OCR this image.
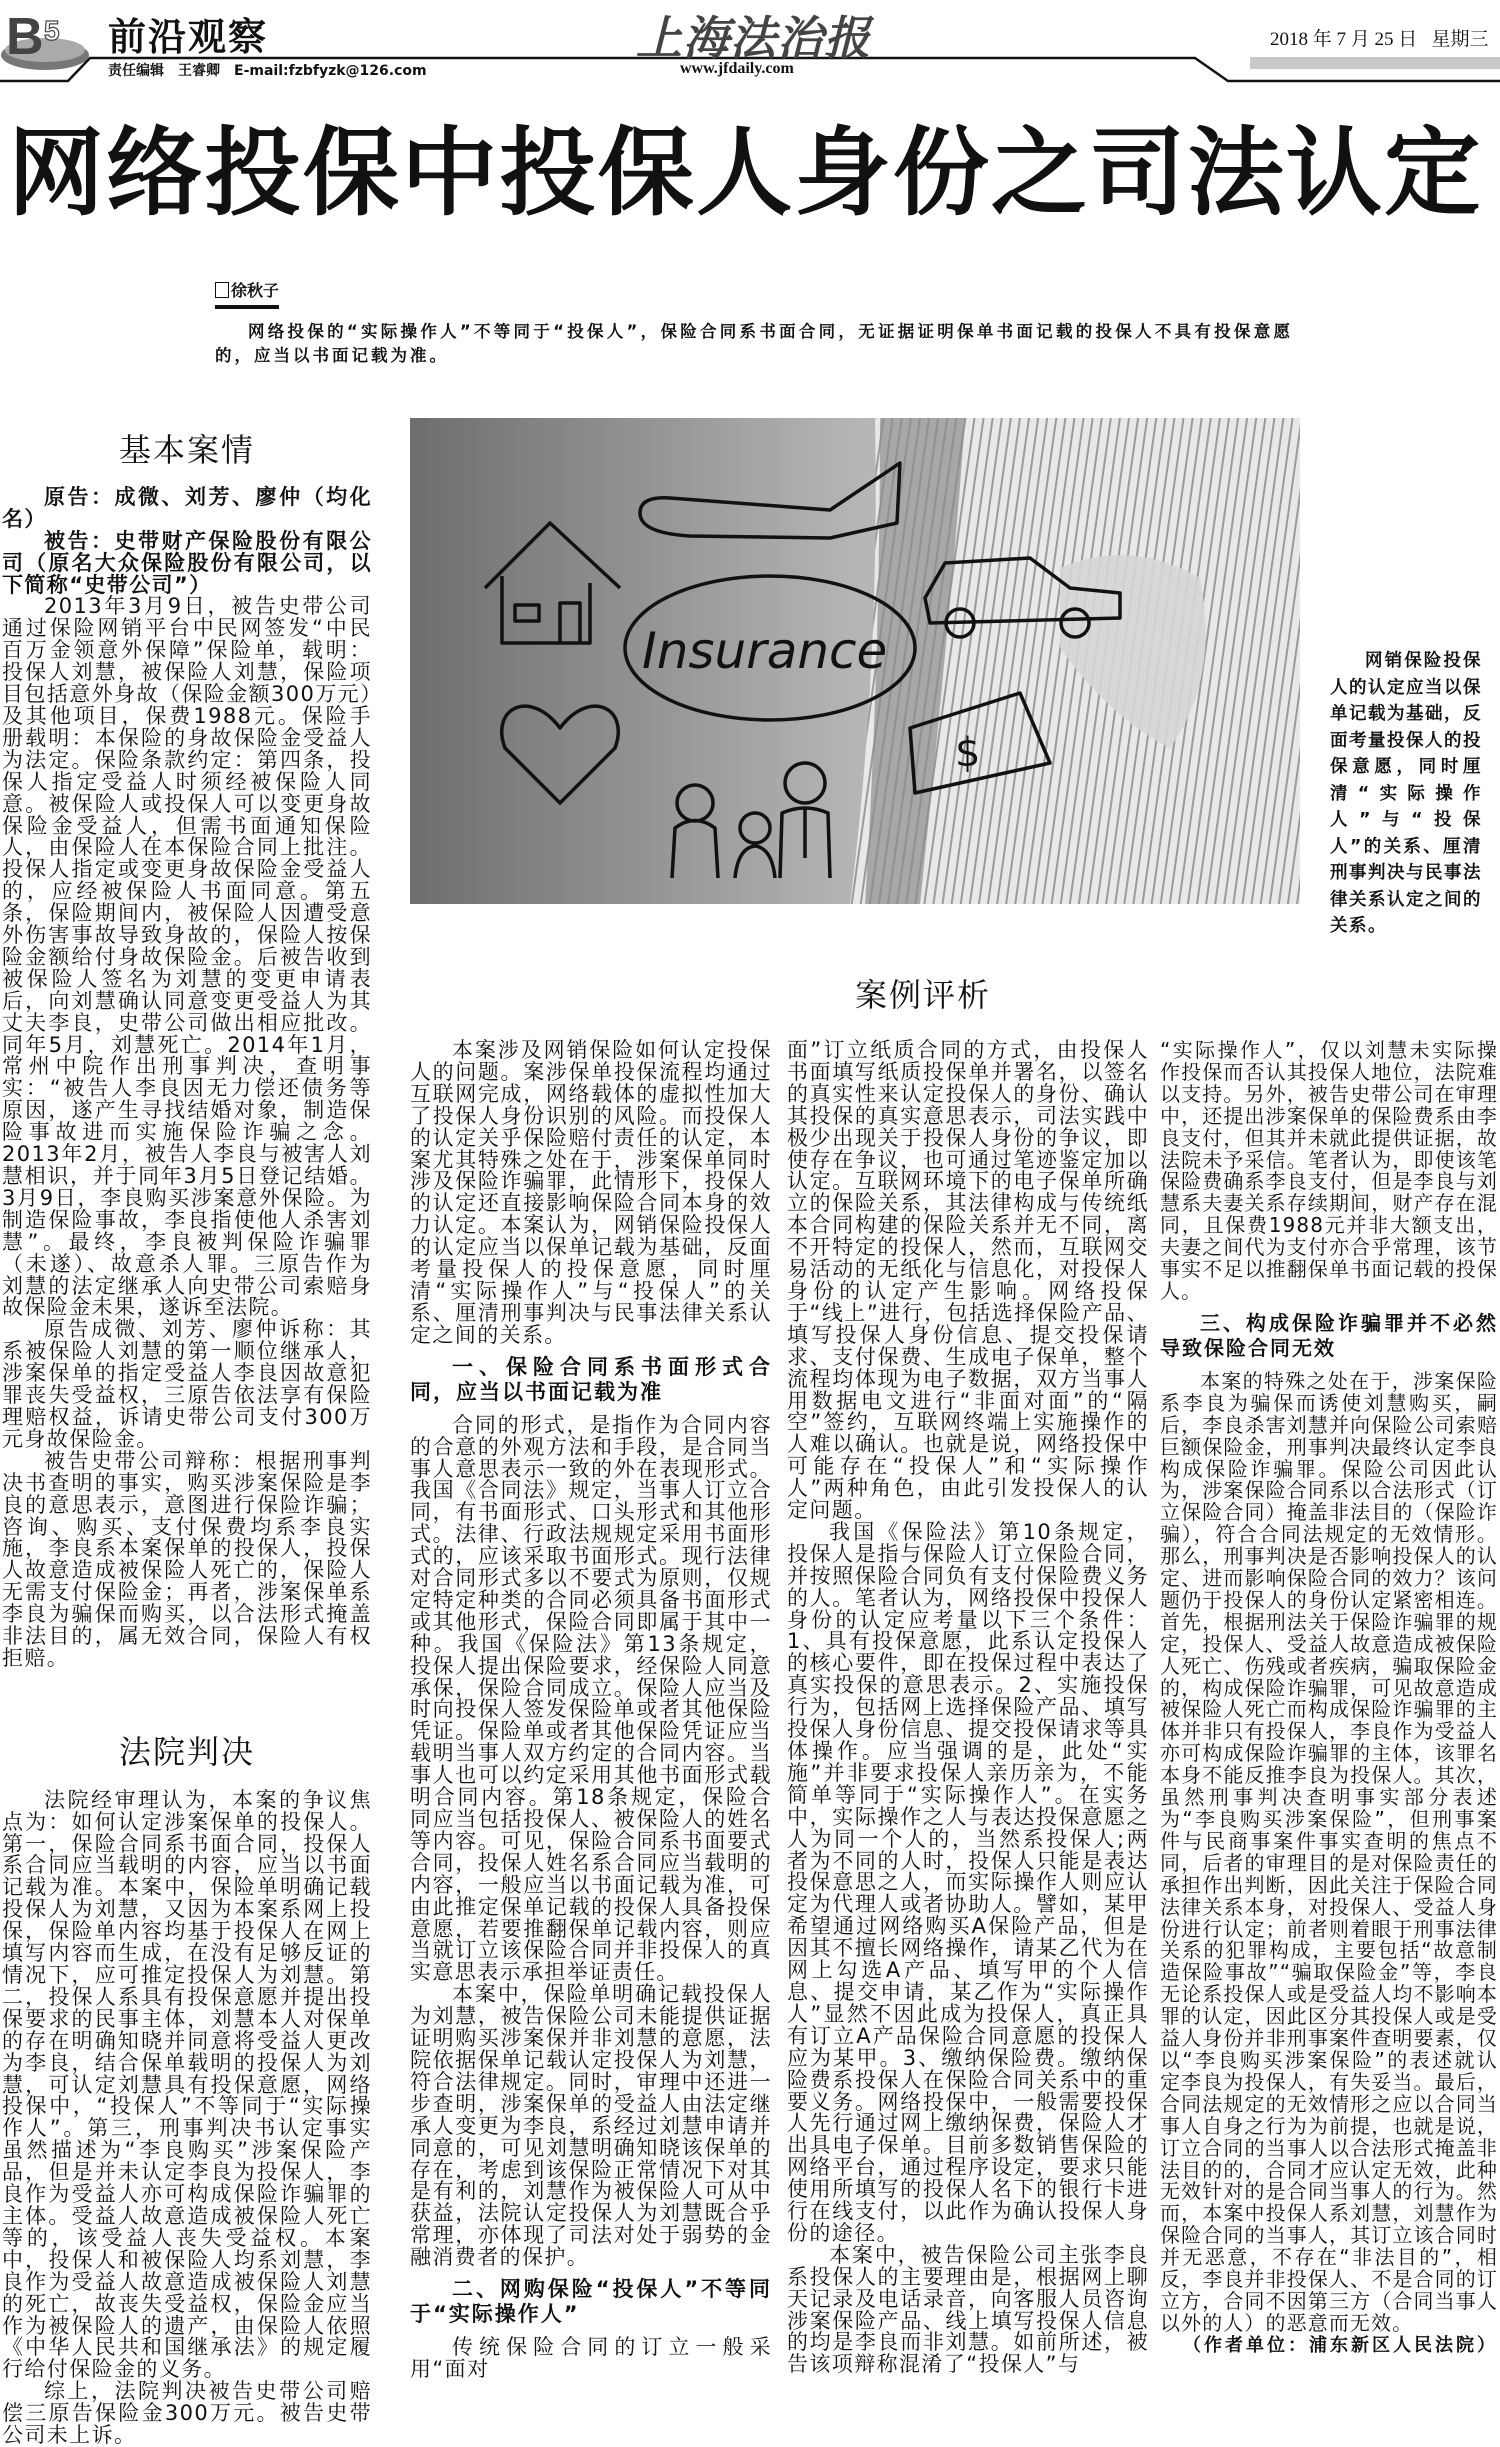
B 5 前沿观察
责任编辑 王睿卿 E-mail:fzbfyzk@126.com
上海法治报
www.jfdaily.com
2018 年 7 月 25 日   星期三
网络投保中投保人身份之司法认定
徐秋子
网络投保的“实际操作人”不等同于“投保人”，保险合同系书面合同，无证据证明保单书面记载的投保人不具有投保意愿的，应当以书面记载为准。
$
Insurance	网销保险投保人的认定应当以保单记载为基础，反面考量投保人的投保意愿，同时厘清“实际操作人”与“投保人”的关系、厘清刑事判决与民事法律关系认定之间的关系。
基本案情

原告：成微、刘芳、廖仲（均化名）

被告：史带财产保险股份有限公司（原名大众保险股份有限公司，以下简称“史带公司”）

2013年3月9日，被告史带公司通过保险网销平台中民网签发“中民百万金领意外保障”保险单，载明：投保人刘慧，被保险人刘慧，保险项目包括意外身故（保险金额300万元）及其他项目，保费1988元。保险手册载明：本保险的身故保险金受益人为法定。保险条款约定：第四条，投保人指定受益人时须经被保险人同意。被保险人或投保人可以变更身故保险金受益人，但需书面通知保险人，由保险人在本保险合同上批注。投保人指定或变更身故保险金受益人的，应经被保险人书面同意。第五条，保险期间内，被保险人因遭受意外伤害事故导致身故的，保险人按保险金额给付身故保险金。后被告收到被保险人签名为刘慧的变更申请表后，向刘慧确认同意变更受益人为其丈夫李良，史带公司做出相应批改。同年5月，刘慧死亡。2014年1月，常州中院作出刑事判决，查明事实：“被告人李良因无力偿还债务等原因，遂产生寻找结婚对象，制造保险事故进而实施保险诈骗之念。2013年2月，被告人李良与被害人刘慧相识，并于同年3月5日登记结婚。3月9日，李良购买涉案意外保险。为制造保险事故，李良指使他人杀害刘慧”。最终，李良被判保险诈骗罪（未遂）、故意杀人罪。三原告作为刘慧的法定继承人向史带公司索赔身故保险金未果，遂诉至法院。

原告成微、刘芳、廖仲诉称：其系被保险人刘慧的第一顺位继承人，涉案保单的指定受益人李良因故意犯罪丧失受益权，三原告依法享有保险理赔权益，诉请史带公司支付300万元身故保险金。

被告史带公司辩称：根据刑事判决书查明的事实，购买涉案保险是李良的意思表示，意图进行保险诈骗；咨询、购买、支付保费均系李良实施，李良系本案保单的投保人，投保人故意造成被保险人死亡的，保险人无需支付保险金；再者，涉案保单系李良为骗保而购买，以合法形式掩盖非法目的，属无效合同，保险人有权拒赔。

法院判决

法院经审理认为，本案的争议焦点为：如何认定涉案保单的投保人。第一，保险合同系书面合同，投保人系合同应当载明的内容，应当以书面记载为准。本案中，保险单明确记载投保人为刘慧，又因为本案系网上投保，保险单内容均基于投保人在网上填写内容而生成，在没有足够反证的情况下，应可推定投保人为刘慧。第二，投保人系具有投保意愿并提出投保要求的民事主体，刘慧本人对保单的存在明确知晓并同意将受益人更改为李良，结合保单载明的投保人为刘慧，可认定刘慧具有投保意愿，网络投保中，“投保人”不等同于“实际操作人”。第三，刑事判决书认定事实虽然描述为“李良购买”涉案保险产品，但是并未认定李良为投保人，李良作为受益人亦可构成保险诈骗罪的主体。受益人故意造成被保险人死亡等的，该受益人丧失受益权。本案中，投保人和被保险人均系刘慧，李良作为受益人故意造成被保险人刘慧的死亡，故丧失受益权，保险金应当作为被保险人的遗产，由保险人依照《中华人民共和国继承法》的规定履行给付保险金的义务。

综上，法院判决被告史带公司赔偿三原告保险金300万元。被告史带公司未上诉。

案例评析

本案涉及网销保险如何认定投保人的问题。案涉保单投保流程均通过互联网完成，网络载体的虚拟性加大了投保人身份识别的风险。而投保人的认定关乎保险赔付责任的认定，本案尤其特殊之处在于，涉案保单同时涉及保险诈骗罪，此情形下，投保人的认定还直接影响保险合同本身的效力认定。本案认为，网销保险投保人的认定应当以保单记载为基础，反面考量投保人的投保意愿，同时厘清“实际操作人”与“投保人”的关系、厘清刑事判决与民事法律关系认定之间的关系。

一、保险合同系书面形式合同，应当以书面记载为准

合同的形式，是指作为合同内容的合意的外观方法和手段，是合同当事人意思表示一致的外在表现形式。我国《合同法》规定，当事人订立合同，有书面形式、口头形式和其他形式。法律、行政法规规定采用书面形式的，应该采取书面形式。现行法律对合同形式多以不要式为原则，仅规定特定种类的合同必须具备书面形式或其他形式，保险合同即属于其中一种。我国《保险法》第13条规定，投保人提出保险要求，经保险人同意承保，保险合同成立。保险人应当及时向投保人签发保险单或者其他保险凭证。保险单或者其他保险凭证应当载明当事人双方约定的合同内容。当事人也可以约定采用其他书面形式载明合同内容。第18条规定，保险合同应当包括投保人、被保险人的姓名等内容。可见，保险合同系书面要式合同，投保人姓名系合同应当载明的内容，一般应当以书面记载为准，可由此推定保单记载的投保人具备投保意愿，若要推翻保单记载内容，则应当就订立该保险合同并非投保人的真实意思表示承担举证责任。

本案中，保险单明确记载投保人为刘慧，被告保险公司未能提供证据证明购买涉案保并非刘慧的意愿，法院依据保单记载认定投保人为刘慧，符合法律规定。同时，审理中还进一步查明，涉案保单的受益人由法定继承人变更为李良，系经过刘慧申请并同意的，可见刘慧明确知晓该保单的存在，考虑到该保险正常情况下对其是有利的，刘慧作为被保险人可从中获益，法院认定投保人为刘慧既合乎常理，亦体现了司法对处于弱势的金融消费者的保护。

二、网购保险“投保人”不等同于“实际操作人”

传统保险合同的订立一般采用“面对

面”订立纸质合同的方式，由投保人书面填写纸质投保单并署名，以签名的真实性来认定投保人的身份、确认其投保的真实意思表示，司法实践中极少出现关于投保人身份的争议，即使存在争议，也可通过笔迹鉴定加以认定。互联网环境下的电子保单所确立的保险关系，其法律构成与传统纸本合同构建的保险关系并无不同，离不开特定的投保人，然而，互联网交易活动的无纸化与信息化，对投保人身份的认定产生影响。网络投保于“线上”进行，包括选择保险产品、填写投保人身份信息、提交投保请求、支付保费、生成电子保单，整个流程均体现为电子数据，双方当事人用数据电文进行“非面对面”的“隔空”签约，互联网终端上实施操作的人难以确认。也就是说，网络投保中可能存在“投保人”和“实际操作人”两种角色，由此引发投保人的认定问题。

我国《保险法》第10条规定，投保人是指与保险人订立保险合同，并按照保险合同负有支付保险费义务的人。笔者认为，网络投保中投保人身份的认定应考量以下三个条件：1、具有投保意愿，此系认定投保人的核心要件，即在投保过程中表达了真实投保的意思表示。2、实施投保行为，包括网上选择保险产品、填写投保人身份信息、提交投保请求等具体操作。应当强调的是，此处“实施”并非要求投保人亲历亲为，不能简单等同于“实际操作人”。在实务中，实际操作之人与表达投保意愿之人为同一个人的，当然系投保人;两者为不同的人时，投保人只能是表达投保意思之人，而实际操作人则应认定为代理人或者协助人。譬如，某甲希望通过网络购买A保险产品，但是因其不擅长网络操作，请某乙代为在网上勾选A产品、填写甲的个人信息、提交申请，某乙作为“实际操作人”显然不因此成为投保人，真正具有订立A产品保险合同意愿的投保人应为某甲。3、缴纳保险费。缴纳保险费系投保人在保险合同关系中的重要义务。网络投保中，一般需要投保人先行通过网上缴纳保费，保险人才出具电子保单。目前多数销售保险的网络平台，通过程序设定，要求只能使用所填写的投保人名下的银行卡进行在线支付，以此作为确认投保人身份的途径。

本案中，被告保险公司主张李良系投保人的主要理由是，根据网上聊天记录及电话录音，向客服人员咨询涉案保险产品、线上填写投保人信息的均是李良而非刘慧。如前所述，被告该项辩称混淆了“投保人”与

“实际操作人”，仅以刘慧未实际操作投保而否认其投保人地位，法院难以支持。另外，被告史带公司在审理中，还提出涉案保单的保险费系由李良支付，但其并未就此提供证据，故法院未予采信。笔者认为，即使该笔保险费确系李良支付，但是李良与刘慧系夫妻关系存续期间，财产存在混同，且保费1988元并非大额支出，夫妻之间代为支付亦合乎常理，该节事实不足以推翻保单书面记载的投保人。

三、构成保险诈骗罪并不必然导致保险合同无效

本案的特殊之处在于，涉案保险系李良为骗保而诱使刘慧购买，嗣后，李良杀害刘慧并向保险公司索赔巨额保险金，刑事判决最终认定李良构成保险诈骗罪。保险公司因此认为，涉案保险合同系以合法形式（订立保险合同）掩盖非法目的（保险诈骗），符合合同法规定的无效情形。那么，刑事判决是否影响投保人的认定、进而影响保险合同的效力？该问题仍于投保人的身份认定紧密相连。首先，根据刑法关于保险诈骗罪的规定，投保人、受益人故意造成被保险人死亡、伤残或者疾病，骗取保险金的，构成保险诈骗罪，可见故意造成被保险人死亡而构成保险诈骗罪的主体并非只有投保人，李良作为受益人亦可构成保险诈骗罪的主体，该罪名本身不能反推李良为投保人。其次，虽然刑事判决查明事实部分表述为“李良购买涉案保险”，但刑事案件与民商事案件事实查明的焦点不同，后者的审理目的是对保险责任的承担作出判断，因此关注于保险合同法律关系本身，对投保人、受益人身份进行认定；前者则着眼于刑事法律关系的犯罪构成，主要包括“故意制造保险事故”“骗取保险金”等，李良无论系投保人或是受益人均不影响本罪的认定，因此区分其投保人或是受益人身份并非刑事案件查明要素，仅以“李良购买涉案保险”的表述就认定李良为投保人，有失妥当。最后，合同法规定的无效情形之应以合同当事人自身之行为为前提，也就是说，订立合同的当事人以合法形式掩盖非法目的的，合同才应认定无效，此种无效针对的是合同当事人的行为。然而，本案中投保人系刘慧，刘慧作为保险合同的当事人，其订立该合同时并无恶意，不存在“非法目的”，相反，李良并非投保人、不是合同的订立方，合同不因第三方（合同当事人以外的人）的恶意而无效。

（作者单位：浦东新区人民法院）
